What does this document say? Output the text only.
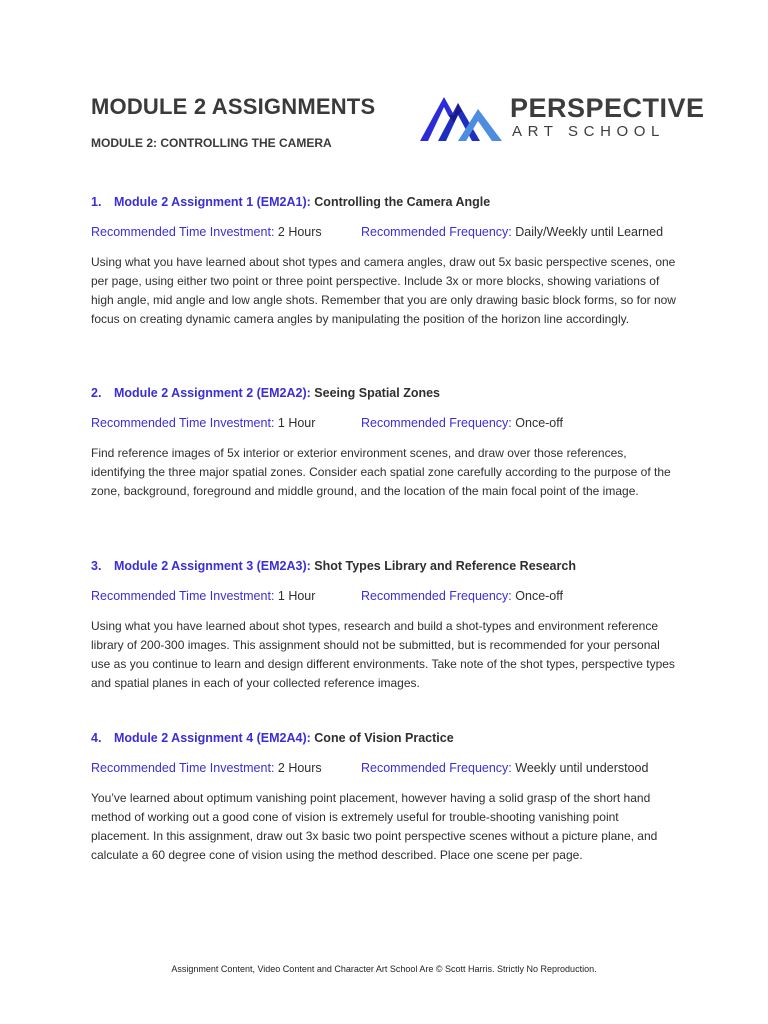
MODULE 2 ASSIGNMENTS
MODULE 2: CONTROLLING THE CAMERA
PERSPECTIVE
ART SCHOOL
1. Module 2 Assignment 1 (EM2A1): Controlling the Camera Angle
Recommended Time Investment: 2 Hours	Recommended Frequency: Daily/Weekly until Learned
Using what you have learned about shot types and camera angles, draw out 5x basic perspective scenes, one per page, using either two point or three point perspective. Include 3x or more blocks, showing variations of high angle, mid angle and low angle shots. Remember that you are only drawing basic block forms, so for now focus on creating dynamic camera angles by manipulating the position of the horizon line accordingly.
2. Module 2 Assignment 2 (EM2A2): Seeing Spatial Zones
Recommended Time Investment: 1 Hour	Recommended Frequency: Once-off
Find reference images of 5x interior or exterior environment scenes, and draw over those references, identifying the three major spatial zones. Consider each spatial zone carefully according to the purpose of the zone, background, foreground and middle ground, and the location of the main focal point of the image.
3. Module 2 Assignment 3 (EM2A3): Shot Types Library and Reference Research
Recommended Time Investment: 1 Hour	Recommended Frequency: Once-off
Using what you have learned about shot types, research and build a shot-types and environment reference library of 200-300 images. This assignment should not be submitted, but is recommended for your personal use as you continue to learn and design different environments. Take note of the shot types, perspective types and spatial planes in each of your collected reference images.
4. Module 2 Assignment 4 (EM2A4): Cone of Vision Practice
Recommended Time Investment: 2 Hours	Recommended Frequency: Weekly until understood
You’ve learned about optimum vanishing point placement, however having a solid grasp of the short hand method of working out a good cone of vision is extremely useful for trouble-shooting vanishing point placement. In this assignment, draw out 3x basic two point perspective scenes without a picture plane, and calculate a 60 degree cone of vision using the method described. Place one scene per page.
Assignment Content, Video Content and Character Art School Are © Scott Harris. Strictly No Reproduction.
